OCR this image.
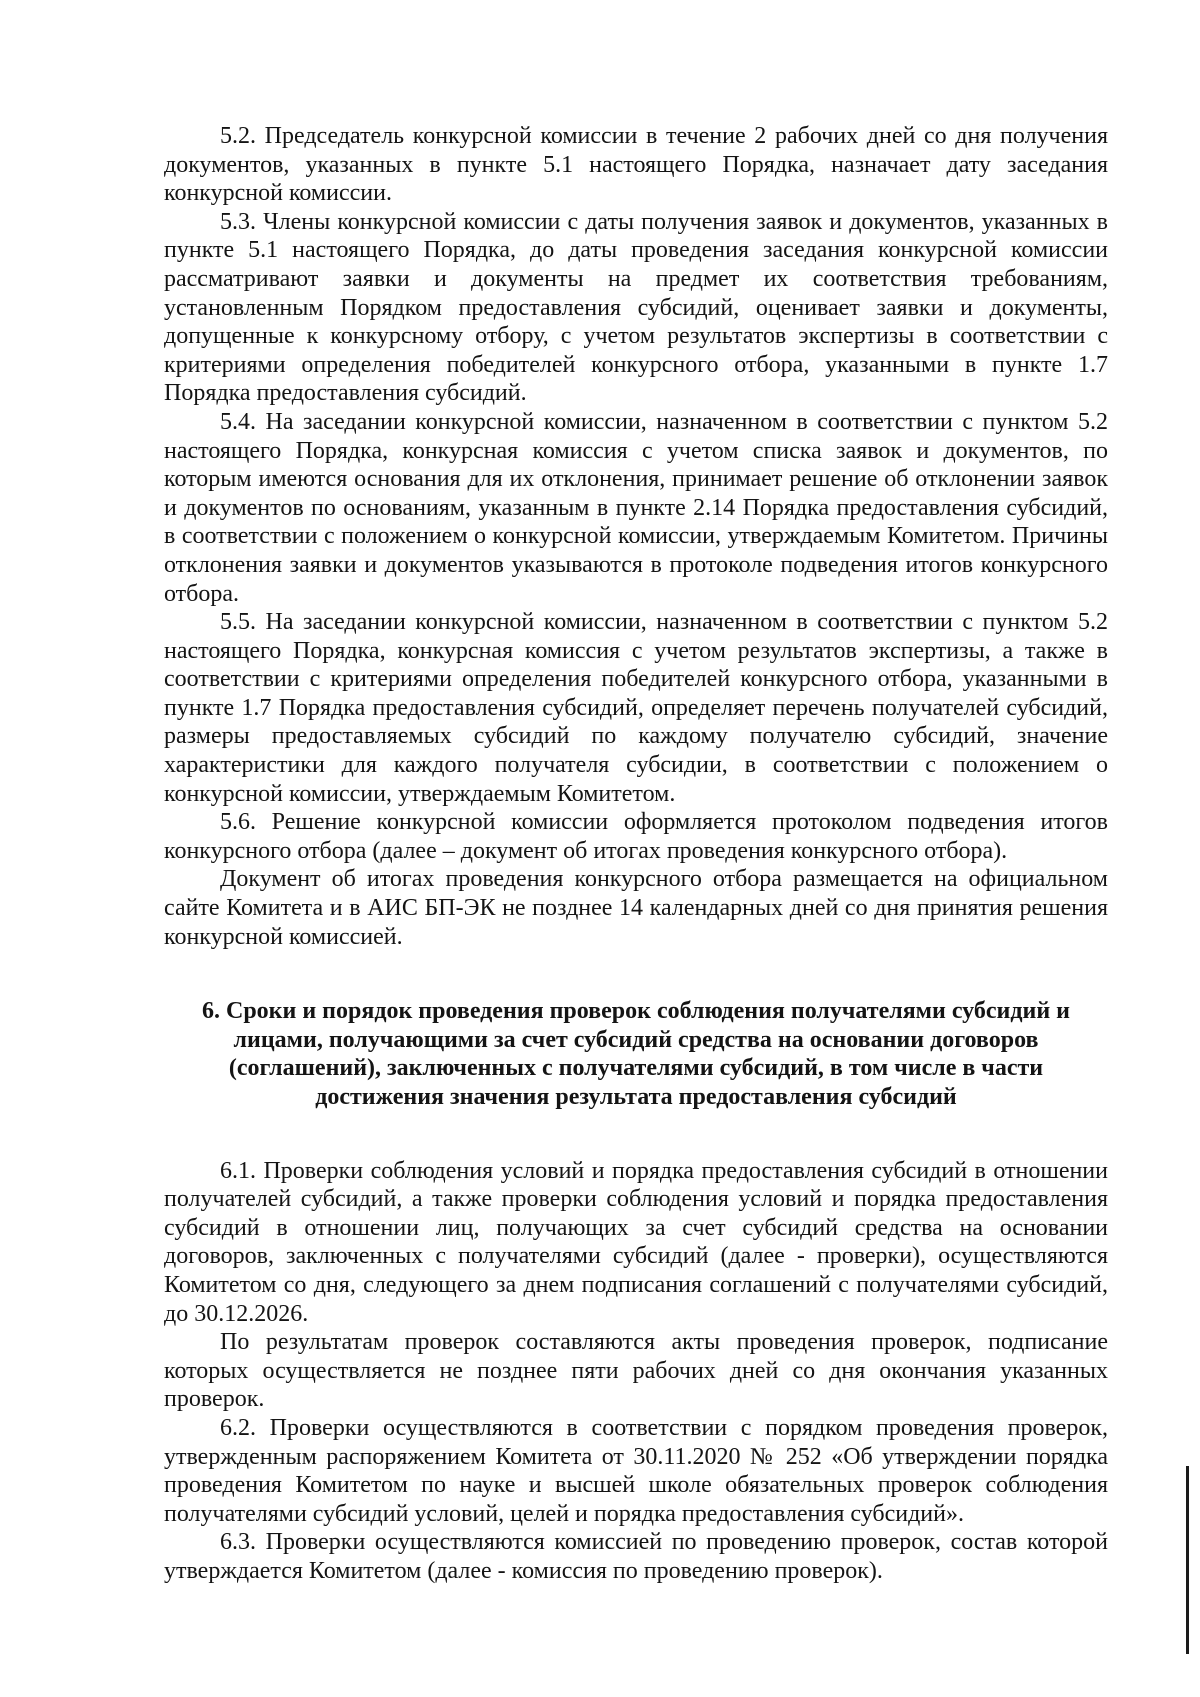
5.2. Председатель конкурсной комиссии в течение 2 рабочих дней со дня получения документов, указанных в пункте 5.1 настоящего Порядка, назначает дату заседания конкурсной комиссии.

5.3. Члены конкурсной комиссии с даты получения заявок и документов, указанных в пункте 5.1 настоящего Порядка, до даты проведения заседания конкурсной комиссии рассматривают заявки и документы на предмет их соответствия требованиям, установленным Порядком предоставления субсидий, оценивает заявки и документы, допущенные к конкурсному отбору, с учетом результатов экспертизы в соответствии с критериями определения победителей конкурсного отбора, указанными в пункте 1.7 Порядка предоставления субсидий.

5.4. На заседании конкурсной комиссии, назначенном в соответствии с пунктом 5.2 настоящего Порядка, конкурсная комиссия с учетом списка заявок и документов, по которым имеются основания для их отклонения, принимает решение об отклонении заявок и документов по основаниям, указанным в пункте 2.14 Порядка предоставления субсидий, в соответствии с положением о конкурсной комиссии, утверждаемым Комитетом. Причины отклонения заявки и документов указываются в протоколе подведения итогов конкурсного отбора.

5.5. На заседании конкурсной комиссии, назначенном в соответствии с пунктом 5.2 настоящего Порядка, конкурсная комиссия с учетом результатов экспертизы, а также в соответствии с критериями определения победителей конкурсного отбора, указанными в пункте 1.7 Порядка предоставления субсидий, определяет перечень получателей субсидий, размеры предоставляемых субсидий по каждому получателю субсидий, значение характеристики для каждого получателя субсидии, в соответствии с положением о конкурсной комиссии, утверждаемым Комитетом.

5.6. Решение конкурсной комиссии оформляется протоколом подведения итогов конкурсного отбора (далее – документ об итогах проведения конкурсного отбора).

Документ об итогах проведения конкурсного отбора размещается на официальном сайте Комитета и в АИС БП-ЭК не позднее 14 календарных дней со дня принятия решения конкурсной комиссией.

6. Сроки и порядок проведения проверок соблюдения получателями субсидий и лицами, получающими за счет субсидий средства на основании договоров (соглашений), заключенных с получателями субсидий, в том числе в части достижения значения результата предоставления субсидий

6.1. Проверки соблюдения условий и порядка предоставления субсидий в отношении получателей субсидий, а также проверки соблюдения условий и порядка предоставления субсидий в отношении лиц, получающих за счет субсидий средства на основании договоров, заключенных с получателями субсидий (далее - проверки), осуществляются Комитетом со дня, следующего за днем подписания соглашений с получателями субсидий, до 30.12.2026.

По результатам проверок составляются акты проведения проверок, подписание которых осуществляется не позднее пяти рабочих дней со дня окончания указанных проверок.

6.2. Проверки осуществляются в соответствии с порядком проведения проверок, утвержденным распоряжением Комитета от 30.11.2020 № 252 «Об утверждении порядка проведения Комитетом по науке и высшей школе обязательных проверок соблюдения получателями субсидий условий, целей и порядка предоставления субсидий».

6.3. Проверки осуществляются комиссией по проведению проверок, состав которой утверждается Комитетом (далее - комиссия по проведению проверок).
